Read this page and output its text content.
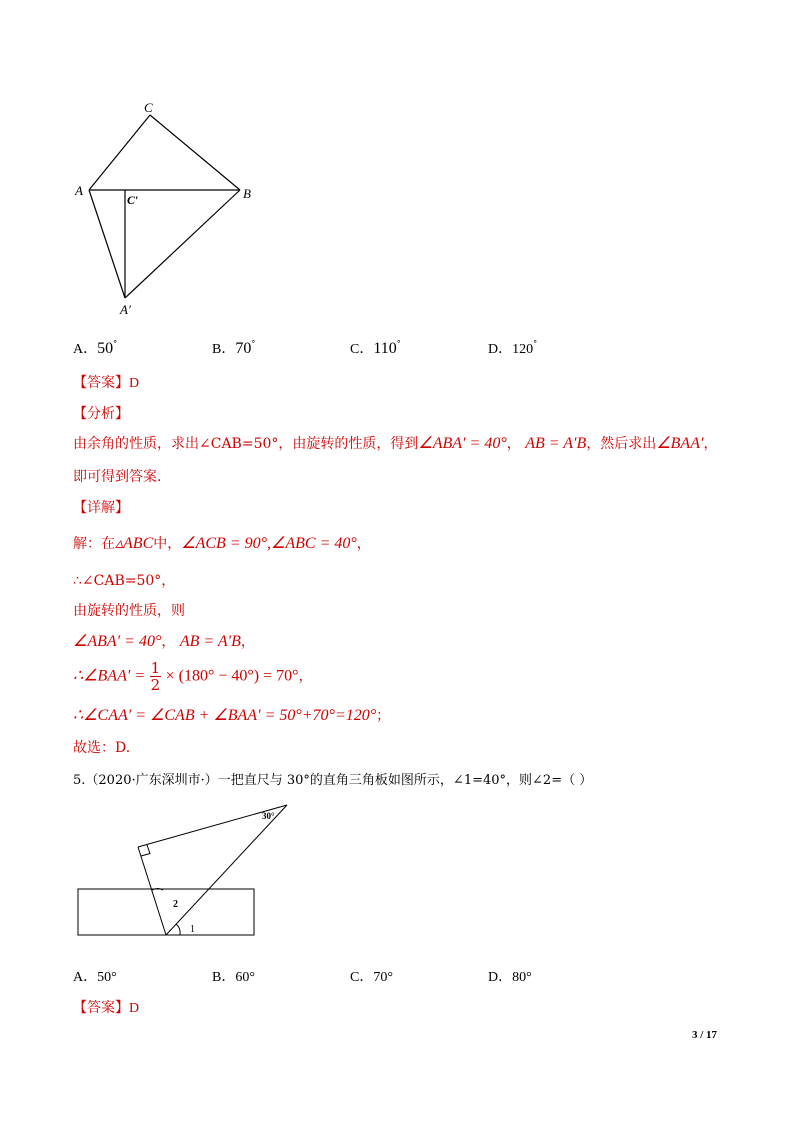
C
A	B
C′
A′
A．50°	B．70°	C．110°	D．120°
【答案】D
【分析】
由余角的性质，求出∠CAB=50°，由旋转的性质，得到∠ABA′ = 40°， AB = A′B，然后求出∠BAA′，
即可得到答案.
【详解】
解：在▵ABC中，∠ACB = 90°,∠ABC = 40°，
∴∠CAB=50°，
由旋转的性质，则
∠ABA′ = 40°， AB = A′B，
∴∠BAA′ = $\frac{1}{2} \times (180^\circ - 40^\circ) = 70^\circ$，
∴∠CAA′ = ∠CAB + ∠BAA′ = 50°+70°=120°；
故选：D.
5.（2020·广东深圳市·）一把直尺与 30°的直角三角板如图所示，∠1=40°，则∠2=（ ）
30°
2
1
A．50°	B．60°	C．70°	D．80°
【答案】D
3 / 17
